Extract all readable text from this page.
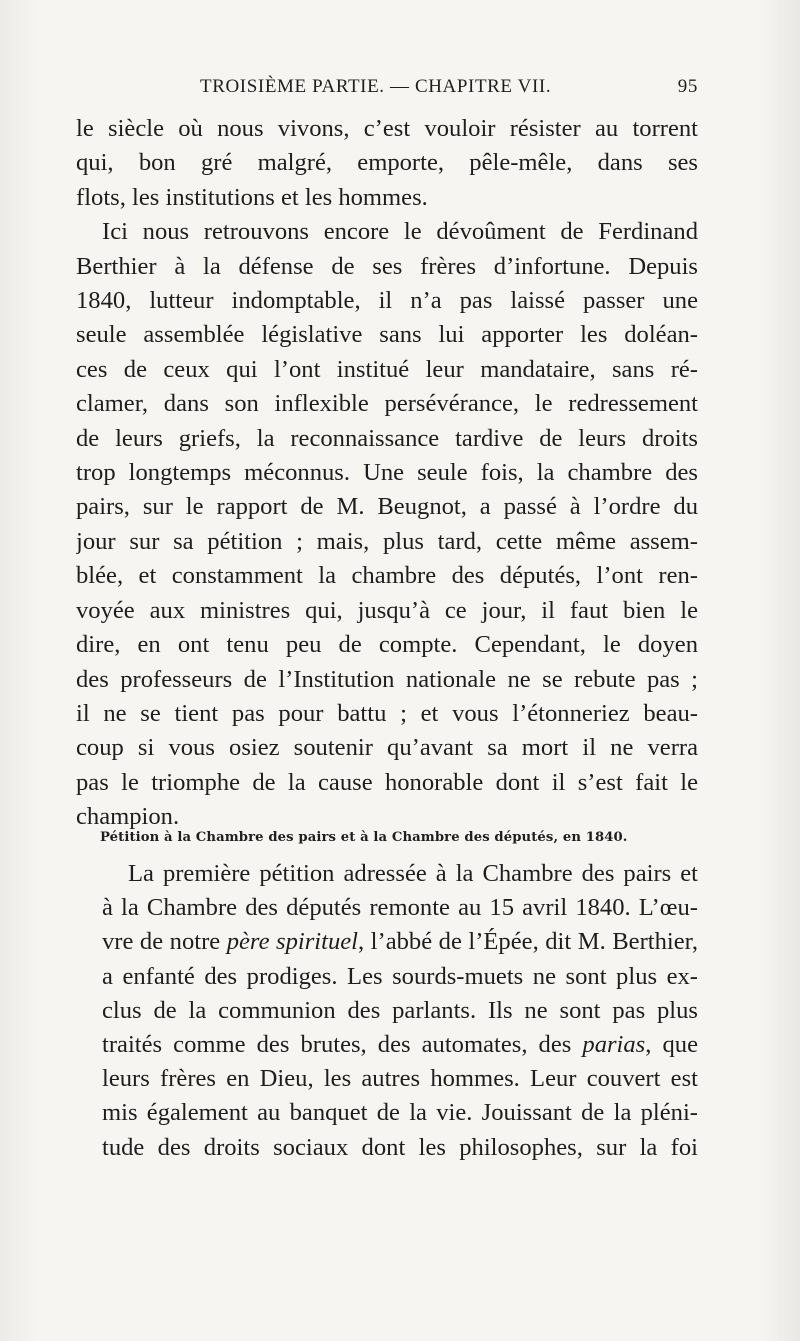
TROISIÈME PARTIE. — CHAPITRE VII.	95

le siècle où nous vivons, c’est vouloir résister au torrent
qui, bon gré malgré, emporte, pêle-mêle, dans ses
flots, les institutions et les hommes.

Ici nous retrouvons encore le dévoûment de Ferdinand
Berthier à la défense de ses frères d’infortune. Depuis
1840, lutteur indomptable, il n’a pas laissé passer une
seule assemblée législative sans lui apporter les doléan-
ces de ceux qui l’ont institué leur mandataire, sans ré-
clamer, dans son inflexible persévérance, le redressement
de leurs griefs, la reconnaissance tardive de leurs droits
trop longtemps méconnus. Une seule fois, la chambre des
pairs, sur le rapport de M. Beugnot, a passé à l’ordre du
jour sur sa pétition ; mais, plus tard, cette même assem-
blée, et constamment la chambre des députés, l’ont ren-
voyée aux ministres qui, jusqu’à ce jour, il faut bien le
dire, en ont tenu peu de compte. Cependant, le doyen
des professeurs de l’Institution nationale ne se rebute pas ;
il ne se tient pas pour battu ; et vous l’étonneriez beau-
coup si vous osiez soutenir qu’avant sa mort il ne verra
pas le triomphe de la cause honorable dont il s’est fait le
champion.

Pétition à la Chambre des pairs et à la Chambre des députés, en 1840.

La première pétition adressée à la Chambre des pairs et
à la Chambre des députés remonte au 15 avril 1840. L’œu-
vre de notre père spirituel, l’abbé de l’Épée, dit M. Berthier,
a enfanté des prodiges. Les sourds-muets ne sont plus ex-
clus de la communion des parlants. Ils ne sont pas plus
traités comme des brutes, des automates, des parias, que
leurs frères en Dieu, les autres hommes. Leur couvert est
mis également au banquet de la vie. Jouissant de la pléni-
tude des droits sociaux dont les philosophes, sur la foi
